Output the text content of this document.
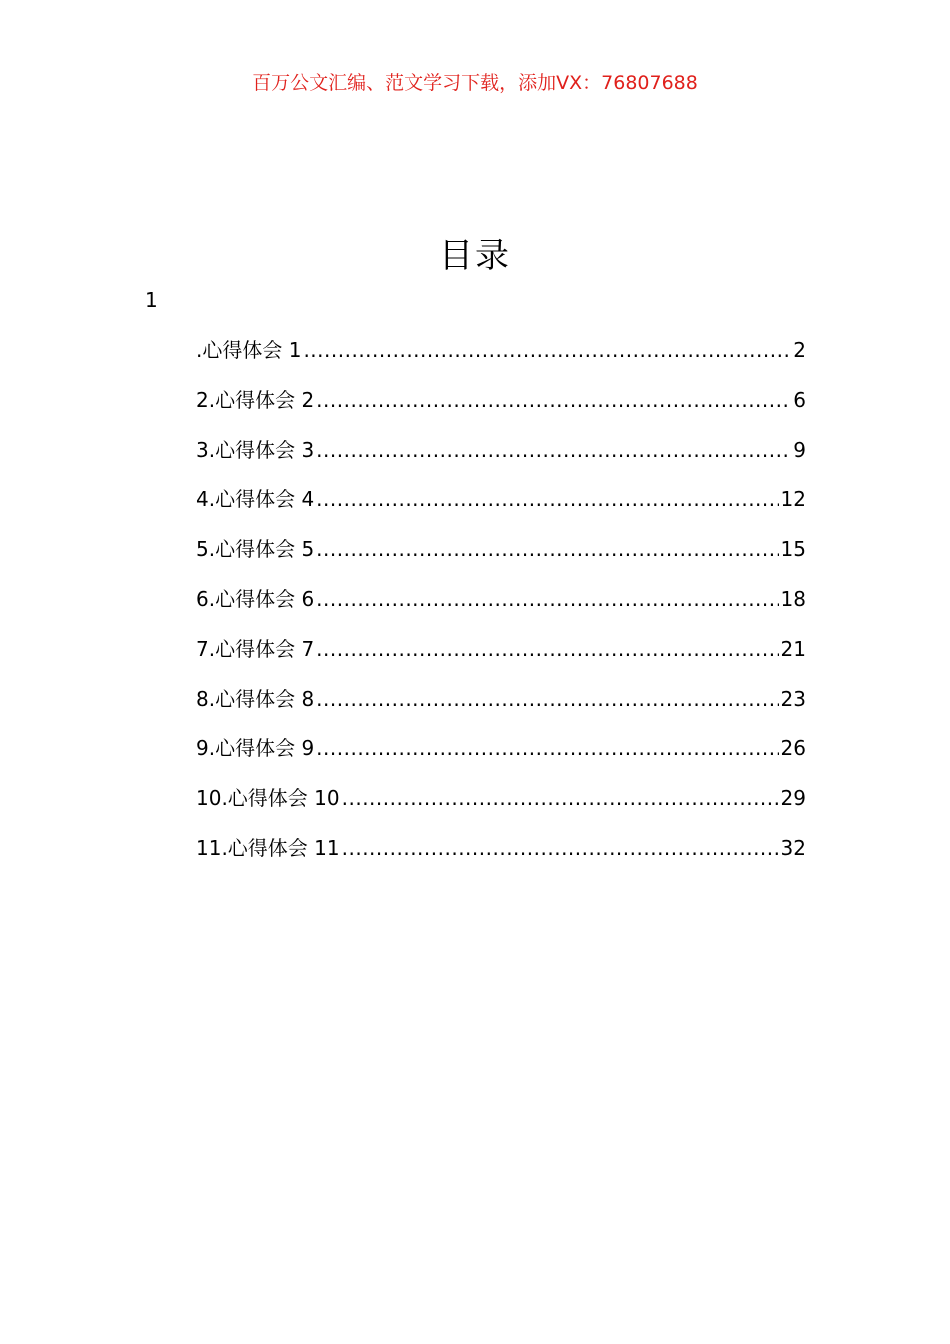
百万公文汇编、范文学习下载，添加VX：76807688
目录
1
.心得体会 1 .....	2
2.心得体会 2 .....	6
3.心得体会 3 .....	9
4.心得体会 4 .....	12
5.心得体会 5 .....	15
6.心得体会 6 .....	18
7.心得体会 7 .....	21
8.心得体会 8 .....	23
9.心得体会 9 .....	26
10.心得体会 10 .....	29
11.心得体会 11 .....	32
